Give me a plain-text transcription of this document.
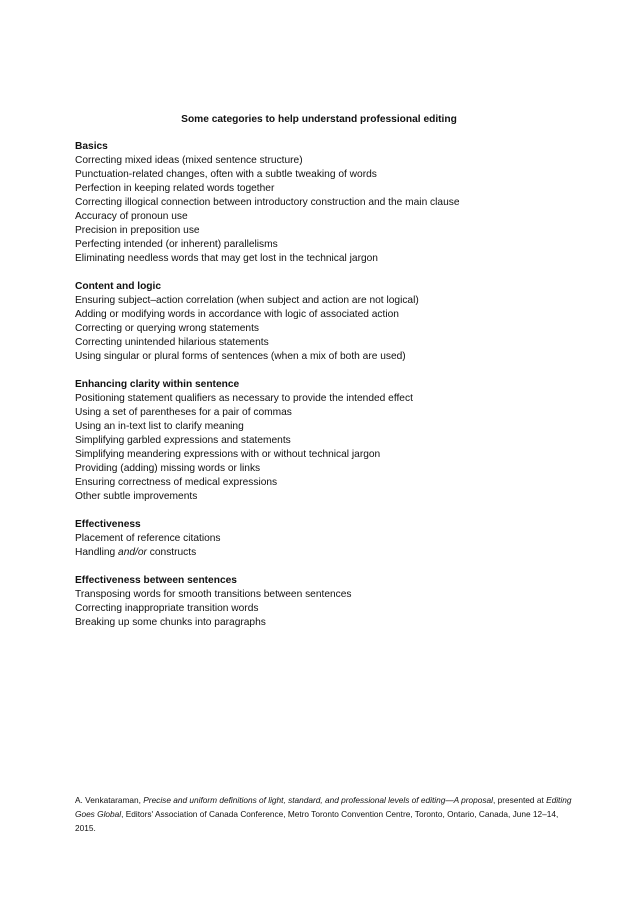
Some categories to help understand professional editing

Basics

Correcting mixed ideas (mixed sentence structure)
Punctuation-related changes, often with a subtle tweaking of words
Perfection in keeping related words together
Correcting illogical connection between introductory construction and the main clause
Accuracy of pronoun use
Precision in preposition use
Perfecting intended (or inherent) parallelisms
Eliminating needless words that may get lost in the technical jargon

Content and logic

Ensuring subject–action correlation (when subject and action are not logical)
Adding or modifying words in accordance with logic of associated action
Correcting or querying wrong statements
Correcting unintended hilarious statements
Using singular or plural forms of sentences (when a mix of both are used)

Enhancing clarity within sentence

Positioning statement qualifiers as necessary to provide the intended effect
Using a set of parentheses for a pair of commas
Using an in-text list to clarify meaning
Simplifying garbled expressions and statements
Simplifying meandering expressions with or without technical jargon
Providing (adding) missing words or links
Ensuring correctness of medical expressions
Other subtle improvements

Effectiveness

Placement of reference citations
Handling and/or constructs

Effectiveness between sentences

Transposing words for smooth transitions between sentences
Correcting inappropriate transition words
Breaking up some chunks into paragraphs

A. Venkataraman, Precise and uniform definitions of light, standard, and professional levels of editing—A proposal, presented at Editing Goes Global, Editors' Association of Canada Conference, Metro Toronto Convention Centre, Toronto, Ontario, Canada, June 12–14, 2015.
